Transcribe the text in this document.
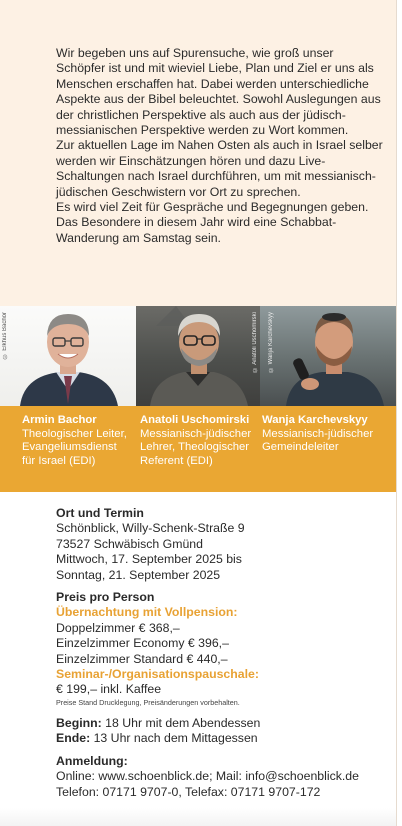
Wir begeben uns auf Spurensuche, wie groß unser Schöpfer ist und mit wieviel Liebe, Plan und Ziel er uns als Menschen erschaffen hat. Dabei werden unterschiedliche Aspekte aus der Bibel beleuchtet. Sowohl Auslegungen aus der christlichen Perspektive als auch aus der jüdisch-messianischen Perspektive werden zu Wort kommen.

Zur aktuellen Lage im Nahen Osten als auch in Israel selber werden wir Einschätzungen hören und dazu Live-Schaltungen nach Israel durchführen, um mit messianisch-jüdischen Geschwistern vor Ort zu sprechen.

Es wird viel Zeit für Gespräche und Begegnungen geben. Das Besondere in diesem Jahr wird eine Schabbat-Wanderung am Samstag sein.

© Elkhus Bachor	© Anatoli Uschomirski © Wanja Karchevskyy
Armin Bachor
Theologischer Leiter,
Evangeliumsdienst
für Israel (EDI)
Anatoli Uschomirski
Messianisch-jüdischer
Lehrer, Theologischer
Referent (EDI)
Wanja Karchevskyy
Messianisch-jüdischer
Gemeindeleiter
Ort und Termin
Schönblick, Willy-Schenk-Straße 9
73527 Schwäbisch Gmünd
Mittwoch, 17. September 2025 bis
Sonntag, 21. September 2025
Preis pro Person
Übernachtung mit Vollpension:
Doppelzimmer € 368,–
Einzelzimmer Economy € 396,–
Einzelzimmer Standard € 440,–
Seminar-/Organisationspauschale:
€ 199,– inkl. Kaffee
Preise Stand Drucklegung, Preisänderungen vorbehalten.
Beginn: 18 Uhr mit dem Abendessen
Ende: 13 Uhr nach dem Mittagessen
Anmeldung:
Online: www.schoenblick.de; Mail: info@schoenblick.de
Telefon: 07171 9707-0, Telefax: 07171 9707-172
